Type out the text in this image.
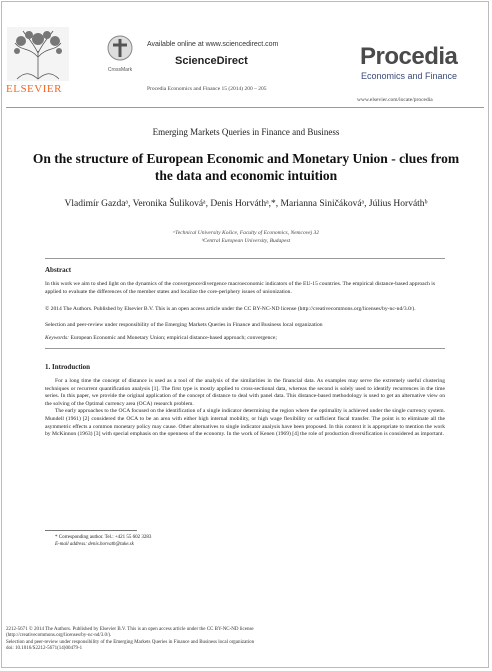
ELSEVIER
CrossMark
Available online at www.sciencedirect.com
ScienceDirect
Procedia Economics and Finance 15 (2014) 200 – 205
Procedia
Economics and Finance
www.elsevier.com/locate/procedia
Emerging Markets Queries in Finance and Business
On the structure of European Economic and Monetary Union - clues from the data and economic intuition
Vladimír Gazdaᵃ, Veronika Šulikováᵃ, Denis Horváthᵃ,*, Marianna Siničákováᵃ, Július Horváthᵇ
ᵃTechnical University Košice, Faculty of Economics, Nemcovej 32
ᵇCentral European University, Budapest
Abstract
In this work we aim to shed light on the dynamics of the convergence/divergence macroeconomic indicators of the EU-15 countries. The empirical distance-based approach is applied to evaluate the differences of the member states and localize the core-periphery issues of unionization.
© 2014 The Authors. Published by Elsevier B.V. This is an open access article under the CC BY-NC-ND license (http://creativecommons.org/licenses/by-nc-nd/3.0/).
Selection and peer-review under responsibility of the Emerging Markets Queries in Finance and Business local organization
Keywords: European Economic and Monetary Union; empirical distance-based approach; convergence;
1. Introduction

For a long time the concept of distance is used as a tool of the analysis of the similarities in the financial data. As examples may serve the extremely useful clustering techniques or recurrent quantification analysis [1]. The first type is mostly applied to cross-sectional data, whereas the second is solely used to identify recurrences in the time series. In this paper, we provide the original application of the concept of distance to deal with panel data. This distance-based methodology is used to get an alternative view on the solving of the Optimal currency area (OCA) research problem.

The early approaches to the OCA focused on the identification of a single indicator determining the region where the optimality is achieved under the single currency system. Mundell (1961) [2] considered the OCA to be an area with either high internal mobility, or high wage flexibility or sufficient fiscal transfer. The point is to eliminate all the asymmetric effects a common monetary policy may cause. Other alternatives to single indicator analysis have been proposed. In this context it is appropriate to mention the work by McKinnon (1963) [3] with special emphasis on the openness of the economy. In the work of Kenen (1969) [4] the role of production diversification is considered as important.

* Corresponding author. Tel.: +421 55 602 3283
E-mail address: denis.horvath@tuke.sk
2212-5671 © 2014 The Authors. Published by Elsevier B.V. This is an open access article under the CC BY-NC-ND license
(http://creativecommons.org/licenses/by-nc-nd/3.0/).
Selection and peer-review under responsibility of the Emerging Markets Queries in Finance and Business local organization
doi: 10.1016/S2212-5671(14)00479-1
